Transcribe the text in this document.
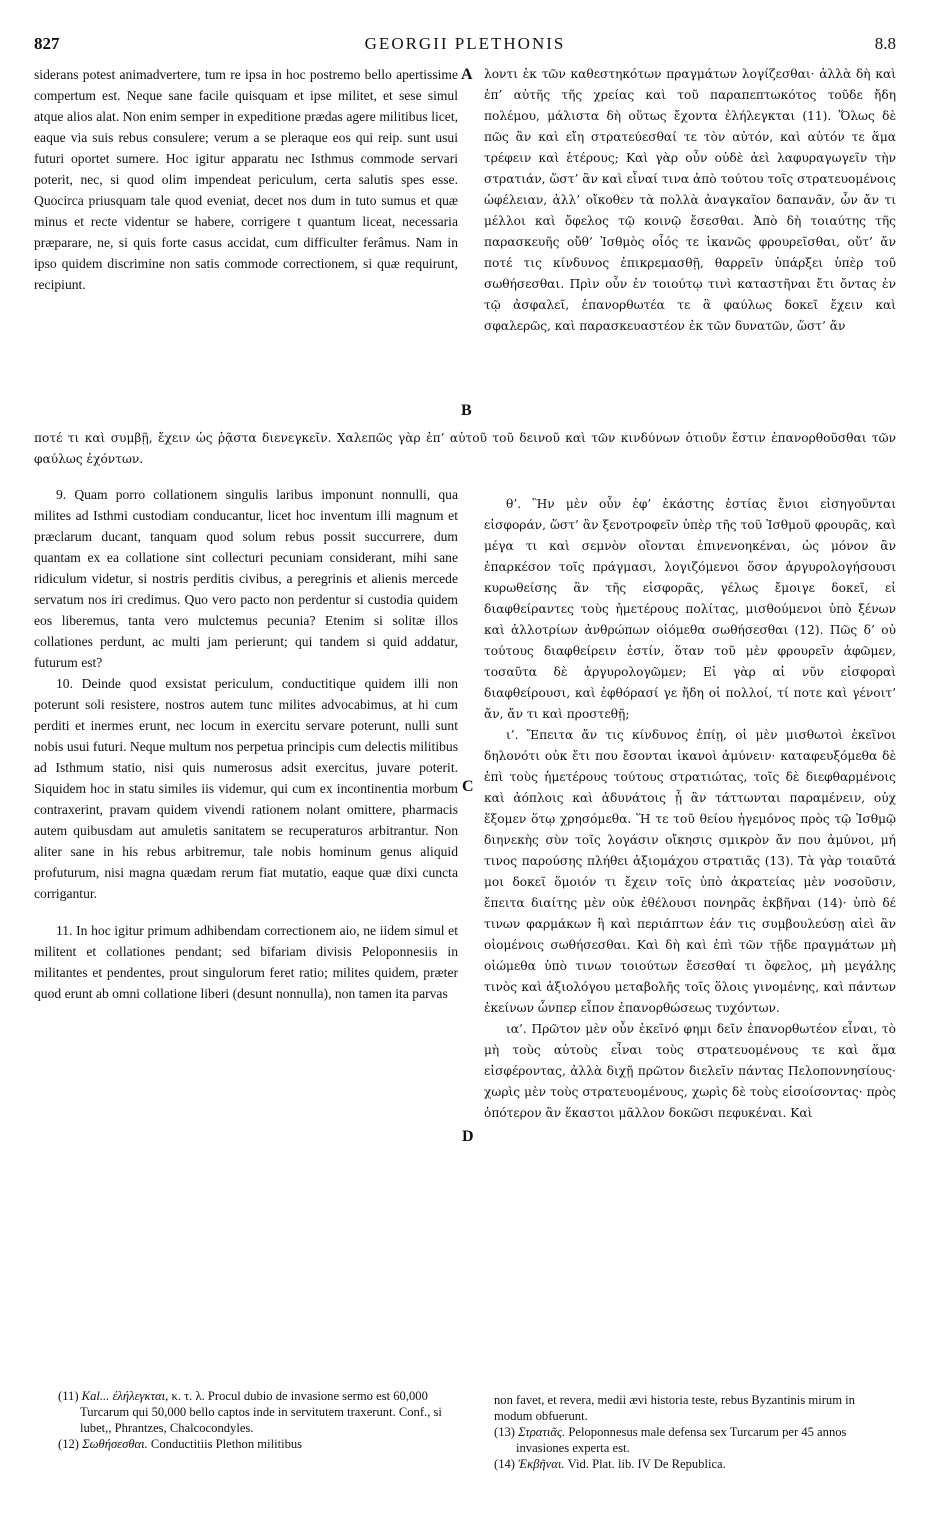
827	GEORGII PLETHONIS	8.8
A
B
C
D

siderans potest animadvertere, tum re ipsa in hoc postremo bello apertissime compertum est. Neque sane facile quisquam et ipse militet, et sese simul atque alios alat. Non enim semper in expeditione prædas agere militibus licet, eaque via suis rebus consulere; verum a se pleraque eos qui reip. sunt usui futuri oportet sumere. Hoc igitur apparatu nec Isthmus commode servari poterit, nec, si quod olim impendeat periculum, certa salutis spes esse. Quocirca priusquam tale quod eveniat, decet nos dum in tuto sumus et quæ minus et recte videntur se habere, corrigere t quantum liceat, necessaria præparare, ne, si quis forte casus accidat, cum difficulter ferâmus. Nam in ipso quidem discrimine non satis commode correctionem, si quæ requirunt, recipiunt.

λοντι ἐκ τῶν καθεστηκότων πραγμάτων λογίζεσθαι· ἀλλὰ δὴ καὶ ἐπ’ αὐτῆς τῆς χρείας καὶ τοῦ παραπεπτωκότος τοῦδε ἤδη πολέμου, μάλιστα δὴ οὕτως ἔχοντα ἐλήλεγκται (11). Ὅλως δὲ πῶς ἂν καὶ εἴη στρατεύεσθαί τε τὸν αὐτόν, καὶ αὑτόν τε ἅμα τρέφειν καὶ ἑτέρους; Καὶ γὰρ οὖν οὐδὲ ἀεὶ λαφυραγωγεῖν τὴν στρατιάν, ὥστ’ ἂν καὶ εἶναί τινα ἀπὸ τούτου τοῖς στρατευομένοις ὠφέλειαν, ἀλλ’ οἴκοθεν τὰ πολλὰ ἀναγκαῖον δαπανᾶν, ὧν ἄν τι μέλλοι καὶ ὄφελος τῷ κοινῷ ἔσεσθαι. Ἀπὸ δὴ τοιαύτης τῆς παρασκευῆς οὔθ’ Ἰσθμὸς οἷός τε ἱκανῶς φρουρεῖσθαι, οὔτ’ ἄν ποτέ τις κίνδυνος ἐπικρεμασθῇ, θαρρεῖν ὑπάρξει ὑπὲρ τοῦ σωθήσεσθαι. Πρὶν οὖν ἐν τοιούτῳ τινὶ καταστῆναι ἔτι ὄντας ἐν τῷ ἀσφαλεῖ, ἐπανορθωτέα τε ἃ φαύλως δοκεῖ ἔχειν καὶ σφαλερῶς, καὶ παρασκευαστέον ἐκ τῶν δυνατῶν, ὥστ’ ἄν

ποτέ τι καὶ συμβῇ, ἔχειν ὡς ῥᾷστα διενεγκεῖν. Χαλεπῶς γὰρ ἐπ’ αὐτοῦ τοῦ δεινοῦ καὶ τῶν κινδύνων ὁτιοῦν ἔστιν ἐπανορθοῦσθαι τῶν φαύλως ἐχόντων.

9. Quam porro collationem singulis laribus imponunt nonnulli, qua milites ad Isthmi custodiam conducantur, licet hoc inventum illi magnum et præclarum ducant, tanquam quod solum rebus possit succurrere, dum quantam ex ea collatione sint collecturi pecuniam considerant, mihi sane ridiculum videtur, si nostris perditis civibus, a peregrinis et alienis mercede servatum nos iri credimus. Quo vero pacto non perdentur si custodia quidem eos liberemus, tanta vero mulctemus pecunia? Etenim si solitæ illos collationes perdunt, ac multi jam perierunt; qui tandem si quid addatur, futurum est?

10. Deinde quod exsistat periculum, conductitique quidem illi non poterunt soli resistere, nostros autem tunc milites advocabimus, at hi cum perditi et inermes erunt, nec locum in exercitu servare poterunt, nulli sunt nobis usui futuri. Neque multum nos perpetua principis cum delectis militibus ad Isthmum statio, nisi quis numerosus adsit exercitus, juvare poterit. Siquidem hoc in statu similes iis videmur, qui cum ex incontinentia morbum contraxerint, pravam quidem vivendi rationem nolant omittere, pharmacis autem quibusdam aut amuletis sanitatem se recuperaturos arbitrantur. Non aliter sane in his rebus arbitremur, tale nobis hominum genus aliquid profuturum, nisi magna quædam rerum fiat mutatio, eaque quæ dixi cuncta corrigantur.

11. In hoc igitur primum adhibendam correctionem aio, ne iidem simul et militent et collationes pendant; sed bifariam divisis Peloponnesiis in militantes et pendentes, prout singulorum feret ratio; milites quidem, præter quod erunt ab omni collatione liberi (desunt nonnulla), non tamen ita parvas

θ’. Ἣν μὲν οὖν ἐφ’ ἑκάστης ἑστίας ἔνιοι εἰσηγοῦνται εἰσφοράν, ὥστ’ ἂν ξενοτροφεῖν ὑπὲρ τῆς τοῦ Ἰσθμοῦ φρουρᾶς, καὶ μέγα τι καὶ σεμνὸν οἴονται ἐπινενοηκέναι, ὡς μόνον ἂν ἐπαρκέσον τοῖς πράγμασι, λογιζόμενοι ὅσον ἀργυρολογήσουσι κυρωθείσης ἂν τῆς εἰσφορᾶς, γέλως ἔμοιγε δοκεῖ, εἰ διαφθείραντες τοὺς ἡμετέρους πολίτας, μισθούμενοι ὑπὸ ξένων καὶ ἀλλοτρίων ἀνθρώπων οἰόμεθα σωθήσεσθαι (12). Πῶς δ’ οὐ τούτους διαφθείρειν ἐστίν, ὅταν τοῦ μὲν φρουρεῖν ἀφῶμεν, τοσαῦτα δὲ ἀργυρολογῶμεν; Εἰ γὰρ αἱ νῦν εἰσφοραὶ διαφθείρουσι, καὶ ἐφθόρασί γε ἤδη οἱ πολλοί, τί ποτε καὶ γένοιτ’ ἄν, ἄν τι καὶ προστεθῇ;

ι’. Ἔπειτα ἄν τις κίνδυνος ἐπίῃ, οἱ μὲν μισθωτοὶ ἐκεῖνοι δηλονότι οὐκ ἔτι που ἔσονται ἱκανοὶ ἀμύνειν· καταφευξόμεθα δὲ ἐπὶ τοὺς ἡμετέρους τούτους στρατιώτας, τοῖς δὲ διεφθαρμένοις καὶ ἀόπλοις καὶ ἀδυνάτοις ᾗ ἂν τάττωνται παραμένειν, οὐχ ἕξομεν ὅτῳ χρησόμεθα. Ἥ τε τοῦ θείου ἡγεμόνος πρὸς τῷ Ἰσθμῷ διηνεκὴς σὺν τοῖς λογάσιν οἴκησις σμικρὸν ἄν που ἀμύνοι, μή τινος παρούσης πλήθει ἀξιομάχου στρατιᾶς (13). Τὰ γὰρ τοιαῦτά μοι δοκεῖ ὅμοιόν τι ἔχειν τοῖς ὑπὸ ἀκρατείας μὲν νοσοῦσιν, ἔπειτα διαίτης μὲν οὐκ ἐθέλουσι πονηρᾶς ἐκβῆναι (14)· ὑπὸ δέ τινων φαρμάκων ἢ καὶ περιάπτων ἐάν τις συμβουλεύσῃ αἰεὶ ἂν οἰομένοις σωθήσεσθαι. Καὶ δὴ καὶ ἐπὶ τῶν τῇδε πραγμάτων μὴ οἰώμεθα ὑπὸ τινων τοιούτων ἔσεσθαί τι ὄφελος, μὴ μεγάλης τινὸς καὶ ἀξιολόγου μεταβολῆς τοῖς ὅλοις γινομένης, καὶ πάντων ἐκείνων ὧνπερ εἶπον ἐπανορθώσεως τυχόντων.

ια’. Πρῶτον μὲν οὖν ἐκεῖνό φημι δεῖν ἐπανορθωτέον εἶναι, τὸ μὴ τοὺς αὐτοὺς εἶναι τοὺς στρατευομένους τε καὶ ἅμα εἰσφέροντας, ἀλλὰ διχῇ πρῶτον διελεῖν πάντας Πελοποννησίους· χωρὶς μὲν τοὺς στρατευομένους, χωρὶς δὲ τοὺς εἰσοίσοντας· πρὸς ὁπότερον ἂν ἕκαστοι μᾶλλον δοκῶσι πεφυκέναι. Καὶ

(11) Kal... ἐλήλεγκται, κ. τ. λ. Procul dubio de invasione sermo est 60,000 Turcarum qui 50,000 bello captos inde in servitutem traxerunt. Conf., si lubet,, Phrantzes, Chalcocondyles.

(12) Σωθήσεσθαι. Conductitiis Plethon militibus

non favet, et revera, medii ævi historia teste, rebus Byzantinis mirum in modum obfuerunt.

(13) Στρατιᾶς. Peloponnesus male defensa sex Turcarum per 45 annos invasiones experta est.

(14) Ἐκβῆναι. Vid. Plat. lib. IV De Republica.
